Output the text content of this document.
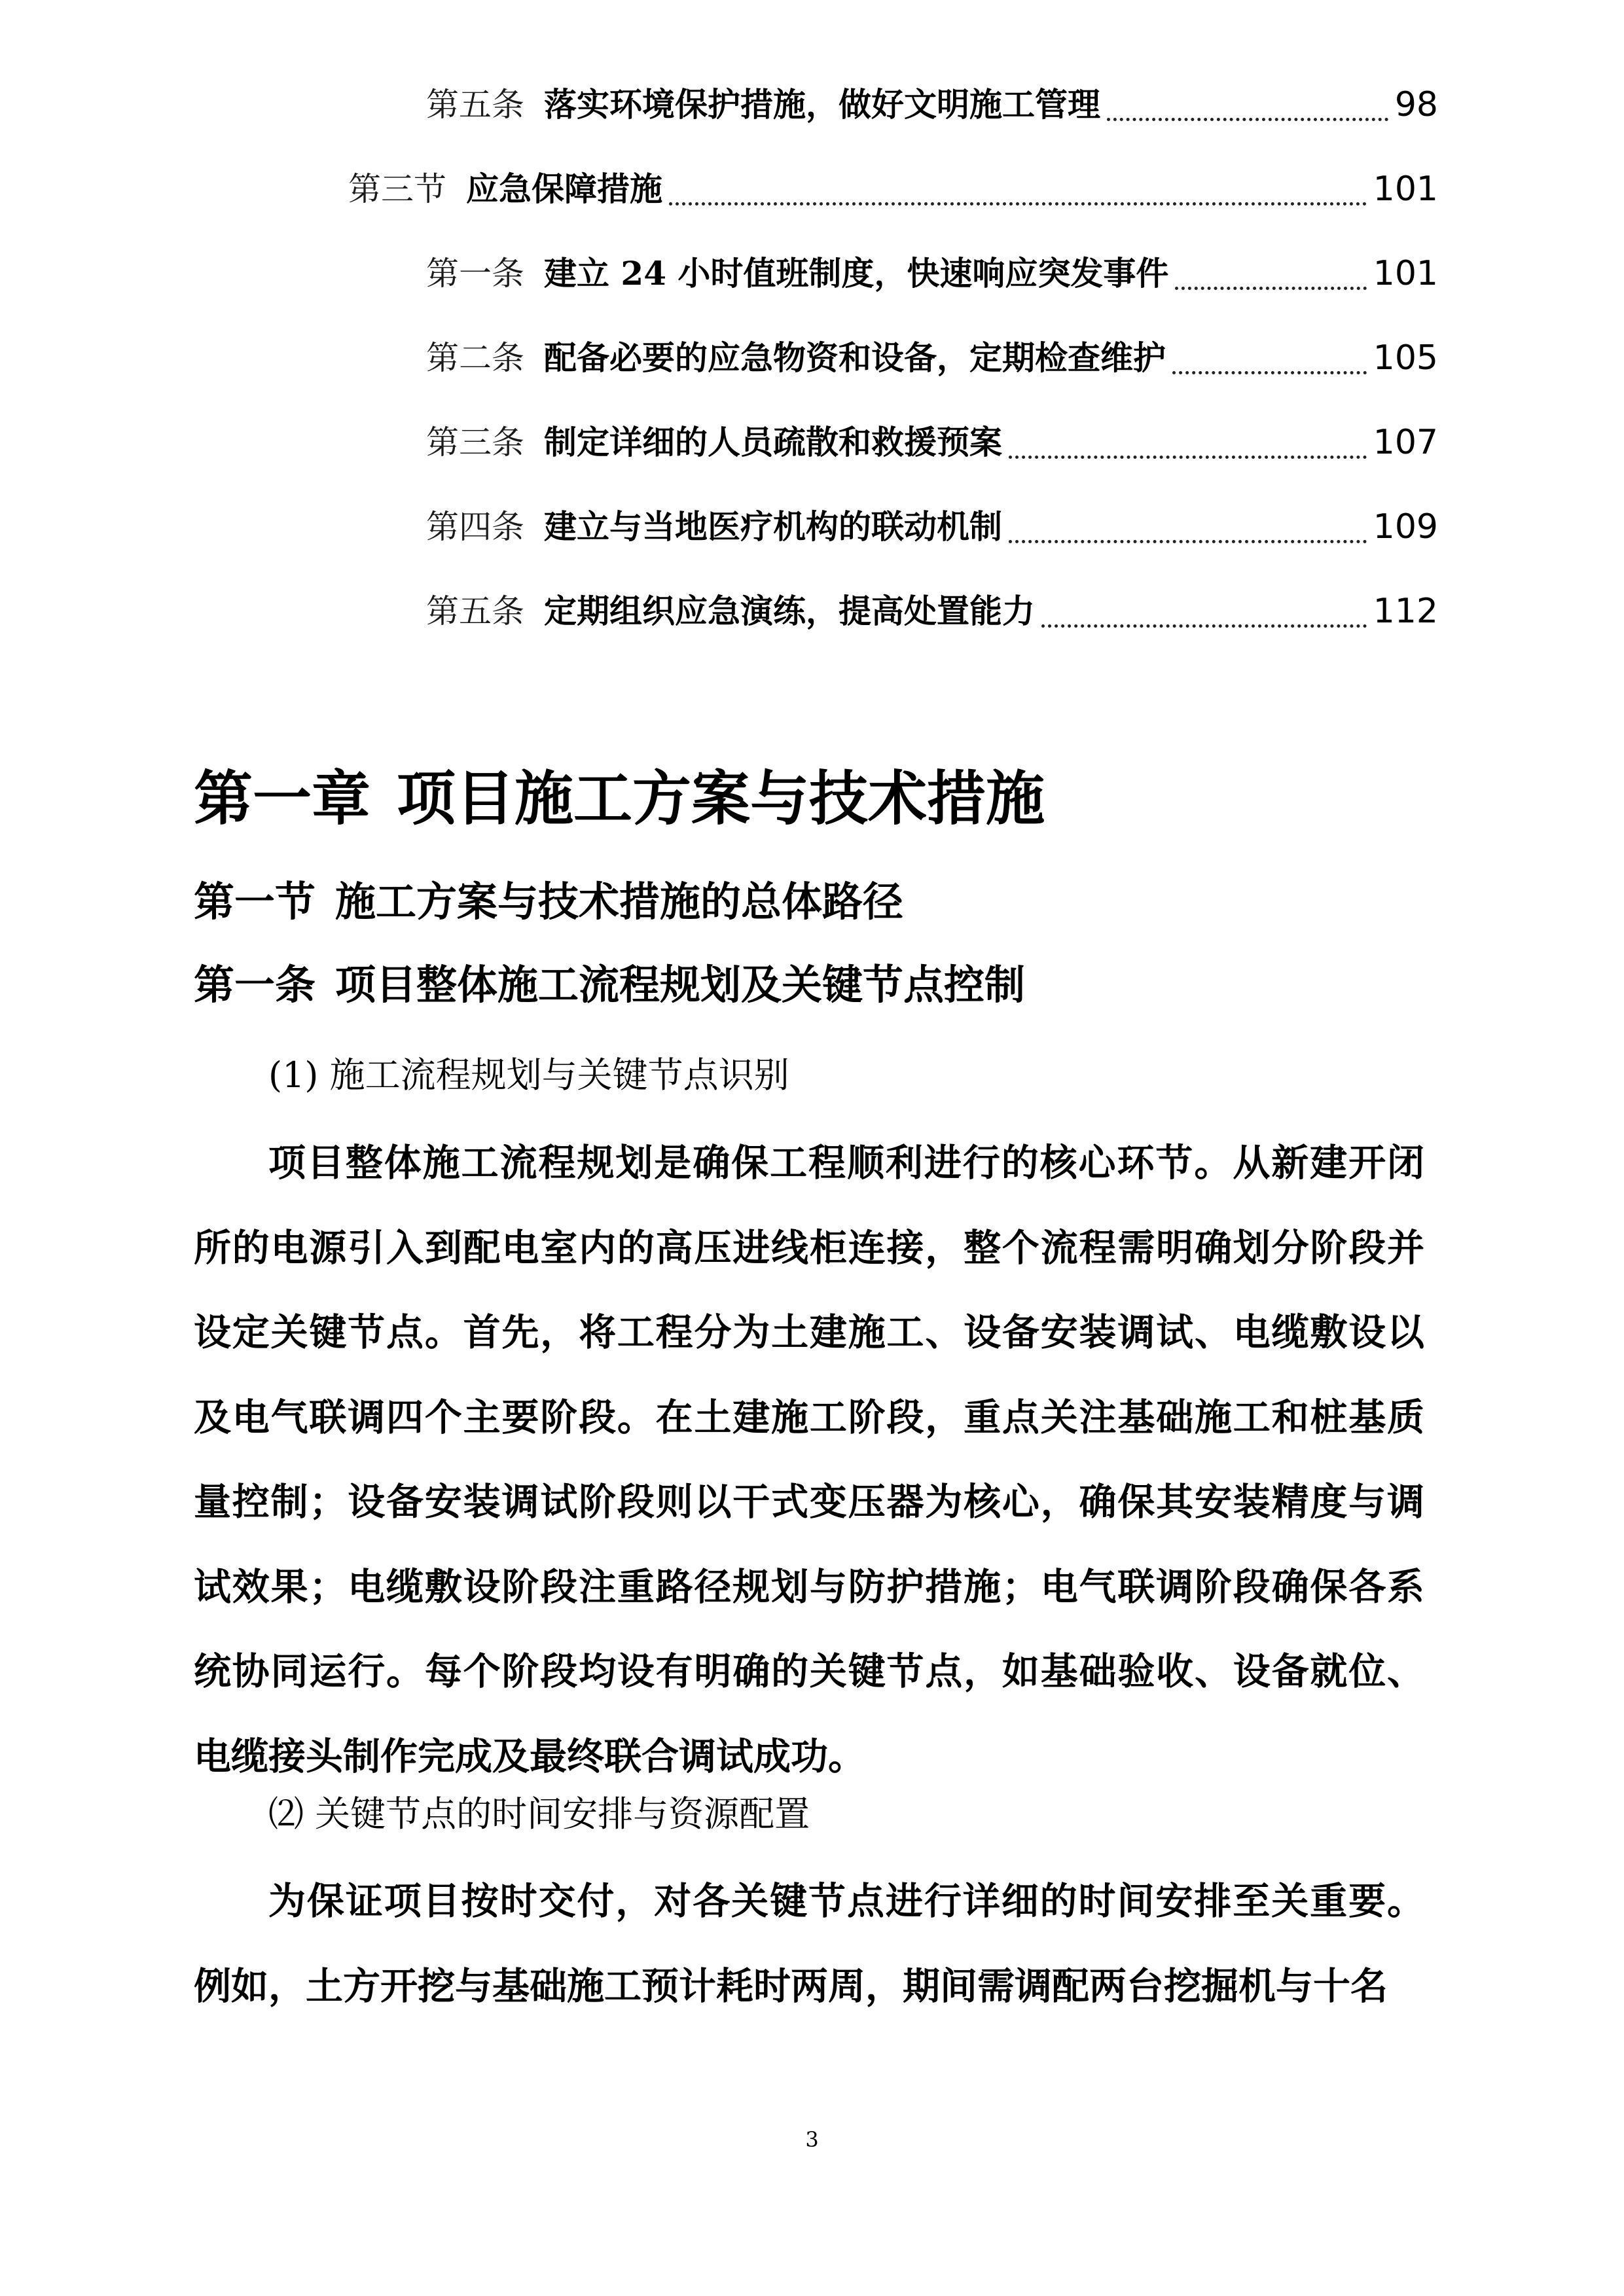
第五条 落实环境保护措施，做好文明施工管理	98
第三节 应急保障措施	101
第一条 建立 24 小时值班制度，快速响应突发事件	101
第二条 配备必要的应急物资和设备，定期检查维护	105
第三条 制定详细的人员疏散和救援预案	107
第四条 建立与当地医疗机构的联动机制	109
第五条 定期组织应急演练，提高处置能力	112
第一章 项目施工方案与技术措施
第一节 施工方案与技术措施的总体路径
第一条 项目整体施工流程规划及关键节点控制
(1) 施工流程规划与关键节点识别
项目整体施工流程规划是确保工程顺利进行的核心环节。从新建开闭所的电源引入到配电室内的高压进线柜连接，整个流程需明确划分阶段并设定关键节点。首先，将工程分为土建施工、设备安装调试、电缆敷设以及电气联调四个主要阶段。在土建施工阶段，重点关注基础施工和桩基质量控制；设备安装调试阶段则以干式变压器为核心，确保其安装精度与调试效果；电缆敷设阶段注重路径规划与防护措施；电气联调阶段确保各系统协同运行。每个阶段均设有明确的关键节点，如基础验收、设备就位、电缆接头制作完成及最终联合调试成功。
⑵ 关键节点的时间安排与资源配置
为保证项目按时交付，对各关键节点进行详细的时间安排至关重要。例如，土方开挖与基础施工预计耗时两周，期间需调配两台挖掘机与十名
3
